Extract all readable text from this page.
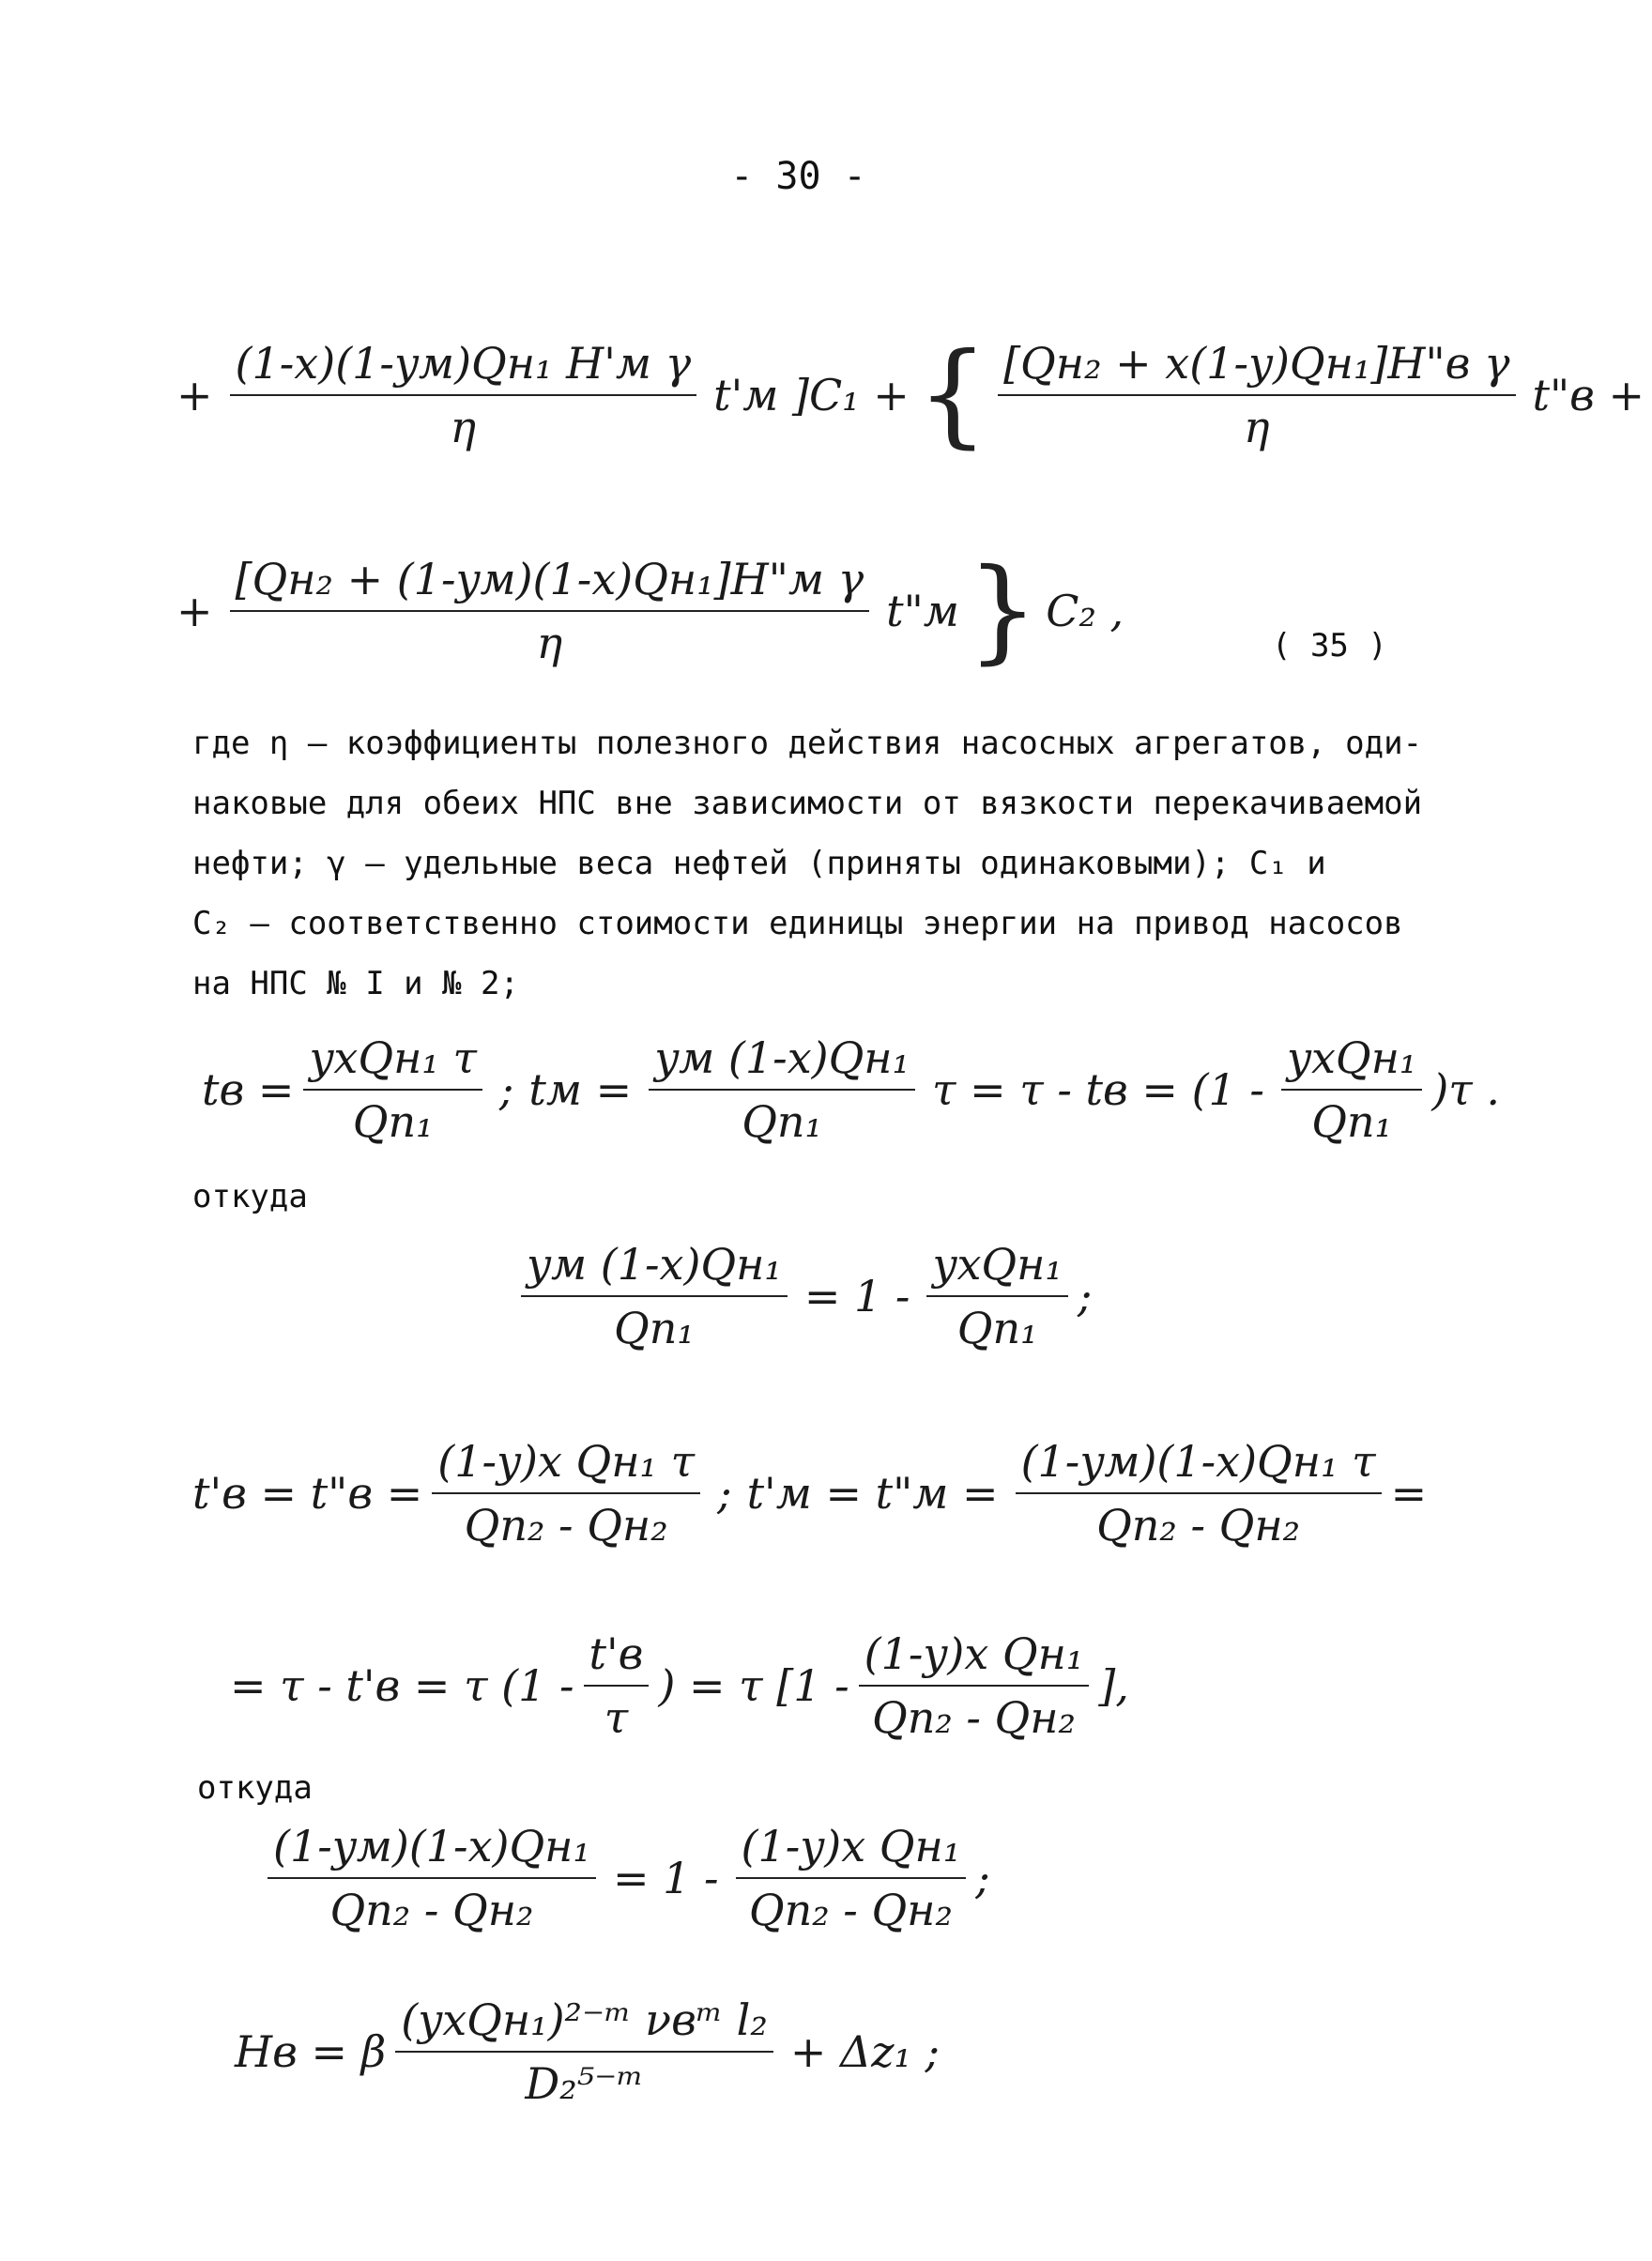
- 30 -
+ $\frac{\text{(1-x)(1-yм)Qн₁ H'м γ}}{\eta} t'м$ ]C₁ + { $\frac{\text{[Qн₂ + x(1-y)Qн₁]H"в γ}}{\eta}$ t"в +
+ $\frac{\text{[Qн₂ + (1-yм)(1-x)Qн₁]H"м γ}}{\eta}$ t"м } C₂ ,
( 35 )
где η – коэффициенты полезного действия насосных агрегатов, оди-
наковые для обеих НПС вне зависимости от вязкости перекачиваемой
нефти; γ – удельные веса нефтей (приняты одинаковыми); C₁ и
C₂ – соответственно стоимости единицы энергии на привод насосов
на НПС № I и № 2;
tв = $\frac{\text{yxQн₁ τ}}{\text{Qп₁}}$ ; tм = $\frac{\text{yм (1-x)Qн₁}}{\text{Qп₁}}$ τ = τ - tв = $(1 - \frac{\text{yxQн₁}}{\text{Qп₁}} )\tau$ .
откуда
$\frac{\text{yм (1-x)Qн₁}}{\text{Qп₁}} = 1 - \frac{\text{yxQн₁}}{\text{Qп₁}}$ ;
t'в = t"в = $\frac{\text{(1-y)x Qн₁ τ}}{\text{Qп₂ - Qн₂}}$ ; t'м = t"м = $\frac{\text{(1-yм)(1-x)Qн₁ τ}}{\text{Qп₂ - Qн₂}}$ =
= τ - t'в = τ ($1 - \frac{t'в}{\tau}$ ) = τ [$1 - \frac{\text{(1-y)x Qн₁}}{\text{Qп₂ - Qн₂}}$ ],
откуда
$\frac{\text{(1-yм)(1-x)Qн₁}}{\text{Qп₂ - Qн₂}} = 1 - \frac{\text{(1-y)x Qн₁}}{\text{Qп₂ - Qн₂}}$ ;
Hв = β $\frac{\text{(yxQн₁)²⁻ᵐ νвᵐ l₂}}{\text{D₂⁵⁻ᵐ}} + \Delta z_1$ ;
